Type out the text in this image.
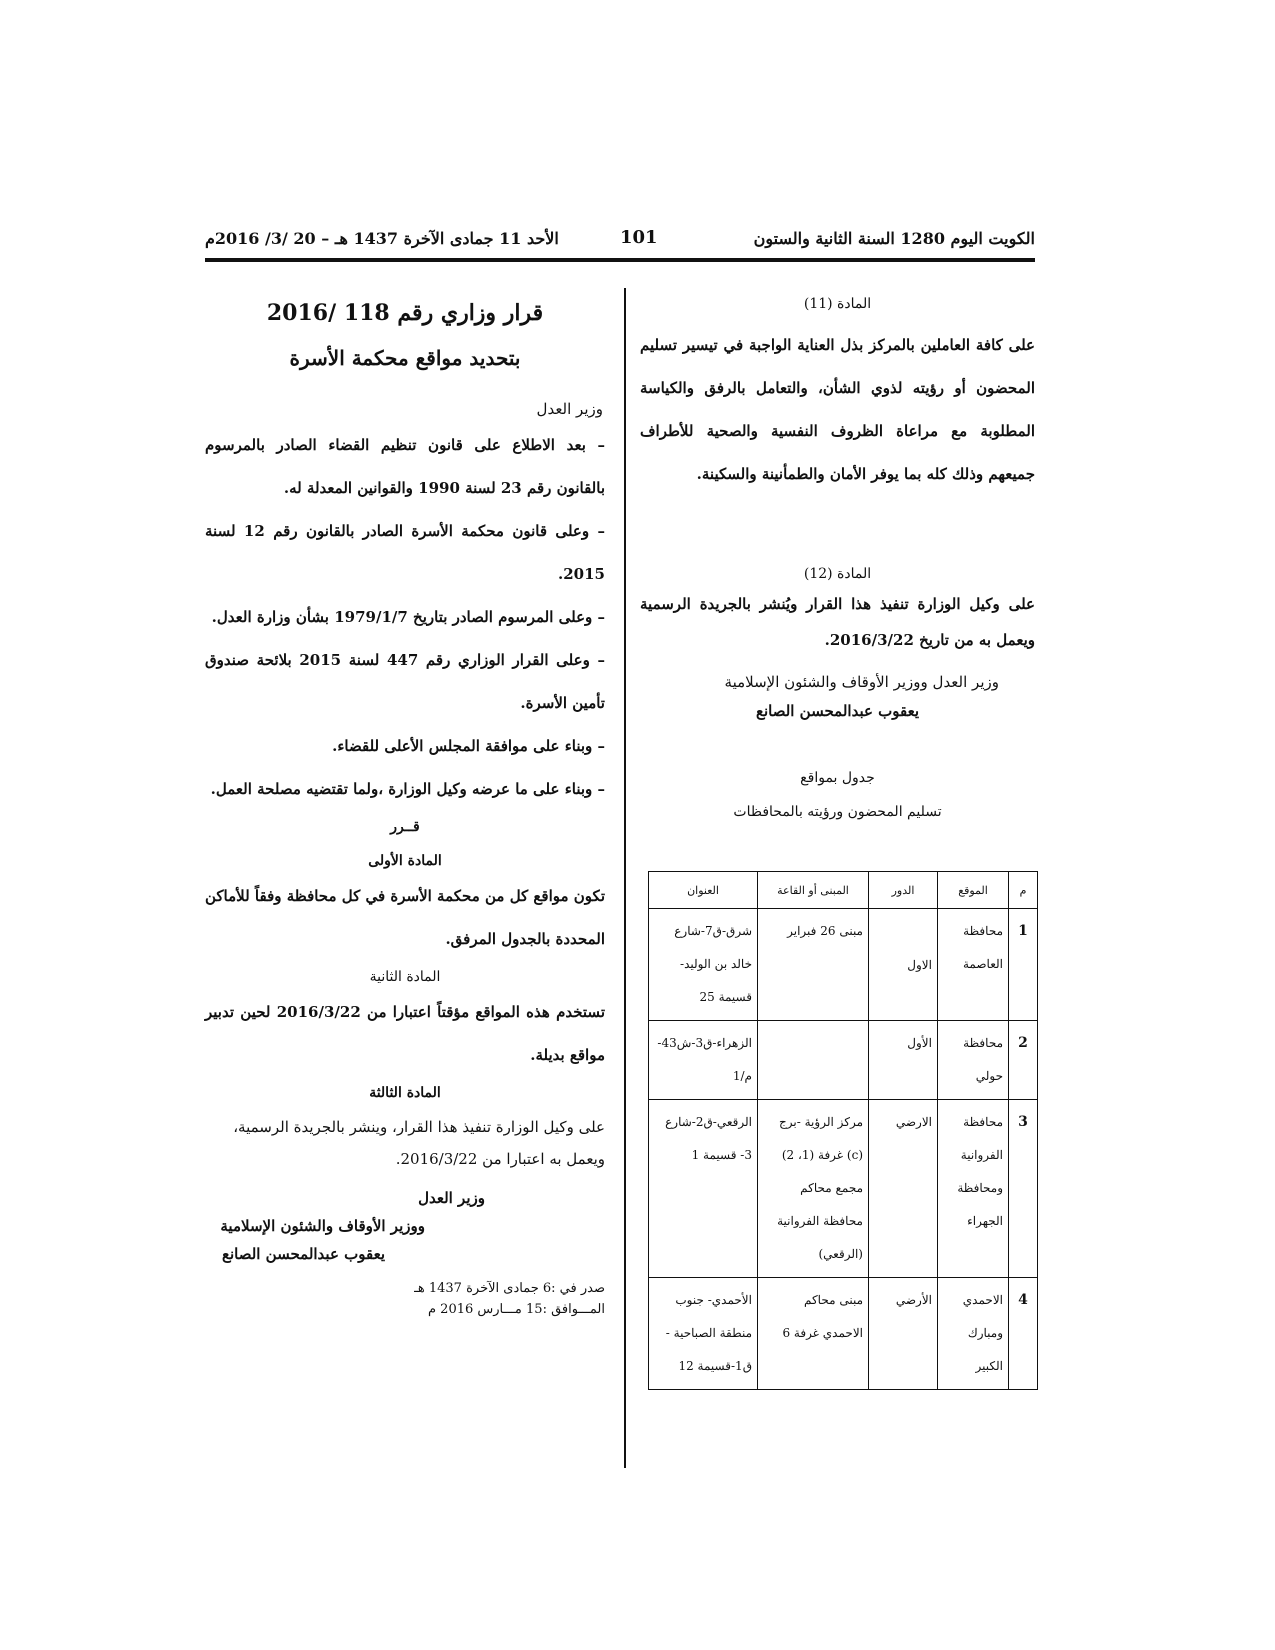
الكويت اليوم 1280 السنة الثانية والستون
101
الأحد 11 جمادى الآخرة 1437 هـ – 20 /3/ 2016م
المادة (11)
على كافة العاملين بالمركز بذل العناية الواجبة في تيسير تسليم المحضون أو رؤيته لذوي الشأن، والتعامل بالرفق والكياسة المطلوبة مع مراعاة الظروف النفسية والصحية للأطراف جميعهم وذلك كله بما يوفر الأمان والطمأنينة والسكينة.
المادة (12)
على وكيل الوزارة تنفيذ هذا القرار ويُنشر بالجريدة الرسمية ويعمل به من تاريخ 2016/3/22.
وزير العدل ووزير الأوقاف والشئون الإسلامية
يعقوب عبدالمحسن الصانع
جدول بمواقع
تسليم المحضون ورؤيته بالمحافظات
م	الموقع	الدور	المبنى أو القاعة	العنوان
1	محافظة العاصمة	الاول	مبنى 26 فبراير	شرق-ق7-شارع خالد بن الوليد- قسيمة 25
2	محافظة حولي	الأول		الزهراء-ق3-ش43-م/1
3	محافظة الفروانية ومحافظة الجهراء	الارضي	مركز الرؤية -برج (c) غرفة (1، 2) مجمع محاكم محافظة الفروانية (الرقعي)	الرقعي-ق2-شارع 3- قسيمة 1
4	الاحمدي ومبارك الكبير	الأرضي	مبنى محاكم الاحمدي غرفة 6	الأحمدي- جنوب منطقة الصباحية - ق1-قسيمة 12
قرار وزاري رقم 118 /2016
بتحديد مواقع محكمة الأسرة
وزير العدل
– بعد الاطلاع على قانون تنظيم القضاء الصادر بالمرسوم بالقانون رقم 23 لسنة 1990 والقوانين المعدلة له.
– وعلى قانون محكمة الأسرة الصادر بالقانون رقم 12 لسنة 2015.
– وعلى المرسوم الصادر بتاريخ 1979/1/7 بشأن وزارة العدل.
– وعلى القرار الوزاري رقم 447 لسنة 2015 بلائحة صندوق تأمين الأسرة.
– وبناء على موافقة المجلس الأعلى للقضاء.
– وبناء على ما عرضه وكيل الوزارة ،ولما تقتضيه مصلحة العمل.
قــرر
المادة الأولى
تكون مواقع كل من محكمة الأسرة في كل محافظة وفقاً للأماكن المحددة بالجدول المرفق.
المادة الثانية
تستخدم هذه المواقع مؤقتاً اعتبارا من 2016/3/22 لحين تدبير مواقع بديلة.
المادة الثالثة
على وكيل الوزارة تنفيذ هذا القرار، وينشر بالجريدة الرسمية، ويعمل به اعتبارا من 2016/3/22.
وزير العدل
ووزير الأوقاف والشئون الإسلامية
يعقوب عبدالمحسن الصانع
صدر في :6 جمادى الآخرة 1437 هـ
المـــوافق :15 مـــارس 2016 م
